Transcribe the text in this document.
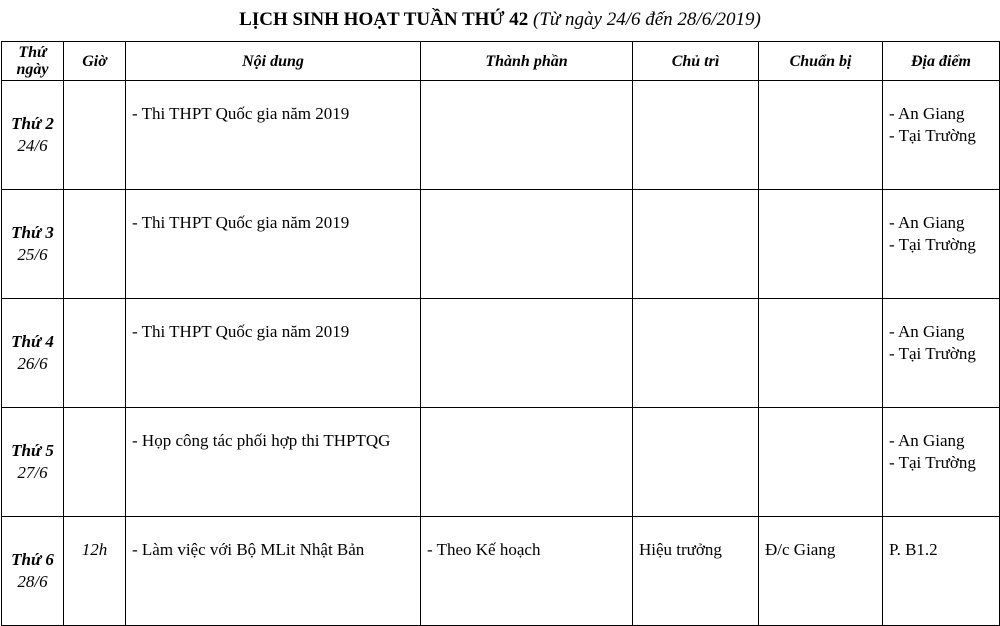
LỊCH SINH HOẠT TUẦN THỨ 42 (Từ ngày 24/6 đến 28/6/2019)
Thứ
ngày	Giờ	Nội dung	Thành phần	Chủ trì	Chuẩn bị	Địa điểm

Thứ 2
24/6		- Thi THPT Quốc gia năm 2019				- An Giang
- Tại Trường

Thứ 3
25/6		- Thi THPT Quốc gia năm 2019				- An Giang
- Tại Trường

Thứ 4
26/6		- Thi THPT Quốc gia năm 2019				- An Giang
- Tại Trường

Thứ 5
27/6		- Họp công tác phối hợp thi THPTQG				- An Giang
- Tại Trường

Thứ 6
28/6	12h	- Làm việc với Bộ MLit Nhật Bản	- Theo Kế hoạch	Hiệu trưởng	Đ/c Giang	P. B1.2
